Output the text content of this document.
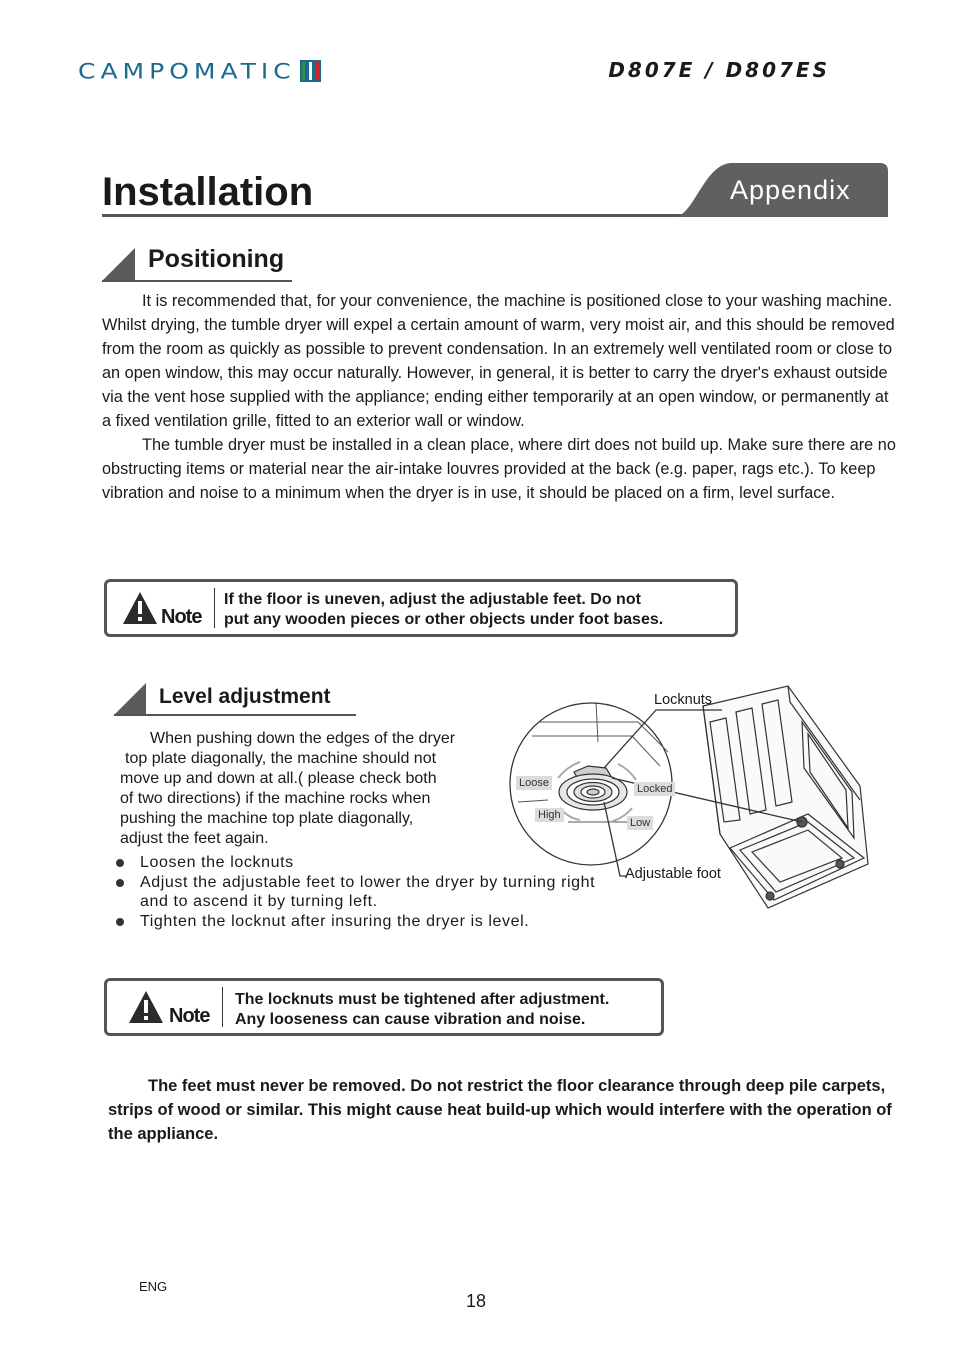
CAMPOMATIC	D807E / D807ES
Installation	Appendix
Positioning

It is recommended that, for your convenience, the machine is positioned close to your washing machine. Whilst drying, the tumble dryer will expel a certain amount of warm, very moist air, and this should be removed from the room as quickly as possible to prevent condensation. In an extremely well ventilated room or close to an open window, this may occur naturally. However, in general, it is better to carry the dryer's exhaust outside via the vent hose supplied with the appliance; ending either temporarily at an open window, or permanently at a fixed ventilation grille, fitted to an exterior wall or window.

The tumble dryer must be installed in a clean place, where dirt does not build up. Make sure there are no obstructing items or material near the air-intake louvres provided at the back (e.g. paper, rags etc.). To keep vibration and noise to a minimum when the dryer is in use, it should be placed on a firm, level surface.

Note
If the floor is uneven, adjust the adjustable feet. Do not
put any wooden pieces or other objects under foot bases.
Level adjustment
When pushing down the edges of the dryer
top plate diagonally, the machine should not
move up and down at all.( please check both
of two directions) if the machine rocks when
pushing the machine top plate diagonally,
adjust the feet again.
Loosen the locknuts
Adjust the adjustable feet to lower the dryer by turning right and to ascend it by turning left.
Tighten the locknut after insuring the dryer is level.
Locknuts
Adjustable foot
Loose	Locked
High
Low
Note
The locknuts must be tightened after adjustment.
Any looseness can cause vibration and noise.

The feet must never be removed. Do not restrict the floor clearance through deep pile carpets, strips of wood or similar. This might cause heat build-up which would interfere with the operation of the appliance.

ENG
18
